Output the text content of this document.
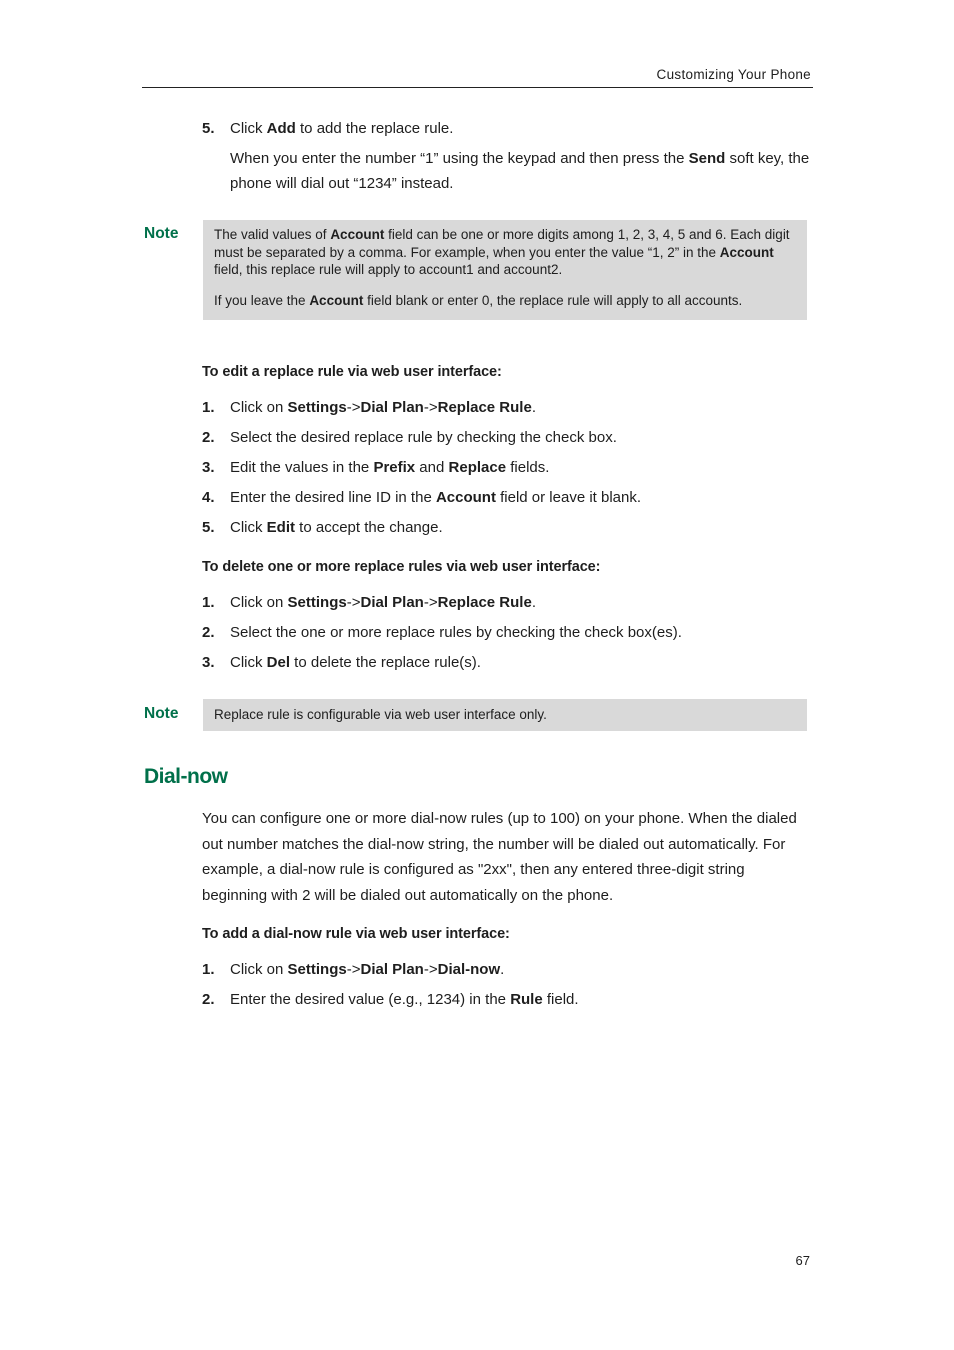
Customizing Your Phone
5. Click Add to add the replace rule.
When you enter the number “1” using the keypad and then press the Send soft key, the phone will dial out “1234” instead.
Note	The valid values of Account field can be one or more digits among 1, 2, 3, 4, 5 and 6. Each digit must be separated by a comma. For example, when you enter the value “1, 2” in the Account field, this replace rule will apply to account1 and account2.

If you leave the Account field blank or enter 0, the replace rule will apply to all accounts.

To edit a replace rule via web user interface:
1. Click on Settings->Dial Plan->Replace Rule.
2. Select the desired replace rule by checking the check box.
3. Edit the values in the Prefix and Replace fields.
4. Enter the desired line ID in the Account field or leave it blank.
5. Click Edit to accept the change.
To delete one or more replace rules via web user interface:
1. Click on Settings->Dial Plan->Replace Rule.
2. Select the one or more replace rules by checking the check box(es).
3. Click Del to delete the replace rule(s).
Note	Replace rule is configurable via web user interface only.

Dial-now
You can configure one or more dial-now rules (up to 100) on your phone. When the dialed out number matches the dial-now string, the number will be dialed out automatically. For example, a dial-now rule is configured as "2xx", then any entered three-digit string beginning with 2 will be dialed out automatically on the phone.
To add a dial-now rule via web user interface:
1. Click on Settings->Dial Plan->Dial-now.
2. Enter the desired value (e.g., 1234) in the Rule field.
67
